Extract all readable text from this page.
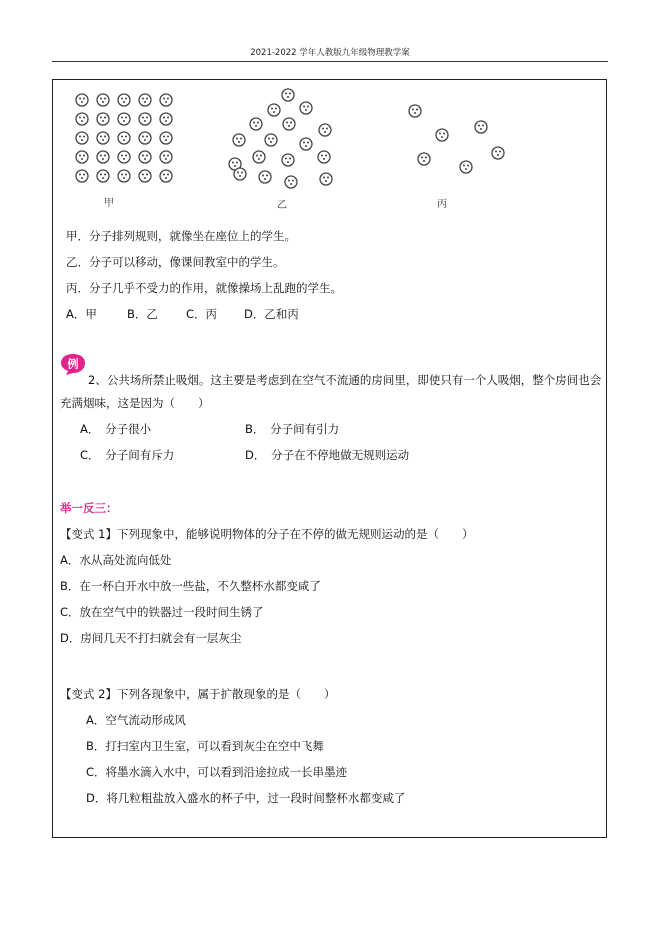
2021-2022 学年人教版九年级物理教学案
甲	乙	丙
甲．分子排列规则，就像坐在座位上的学生。
乙．分子可以移动，像课间教室中的学生。
丙．分子几乎不受力的作用，就像操场上乱跑的学生。
A．甲	B．乙 C．丙 D．乙和丙
例
2、公共场所禁止吸烟。这主要是考虑到在空气不流通的房间里，即使只有一个人吸烟，整个房间也会
充满烟味，这是因为（　　）
A．　分子很小	B．　分子间有引力
C．　分子间有斥力	D．　分子在不停地做无规则运动
举一反三：
【变式 1】下列现象中，能够说明物体的分子在不停的做无规则运动的是（　　）
A．水从高处流向低处
B．在一杯白开水中放一些盐，不久整杯水都变咸了
C．放在空气中的铁器过一段时间生锈了
D．房间几天不打扫就会有一层灰尘
【变式 2】下列各现象中，属于扩散现象的是（　　）
A．空气流动形成风
B．打扫室内卫生室，可以看到灰尘在空中飞舞
C．将墨水滴入水中，可以看到沿途拉成一长串墨迹
D．将几粒粗盐放入盛水的杯子中，过一段时间整杯水都变咸了
